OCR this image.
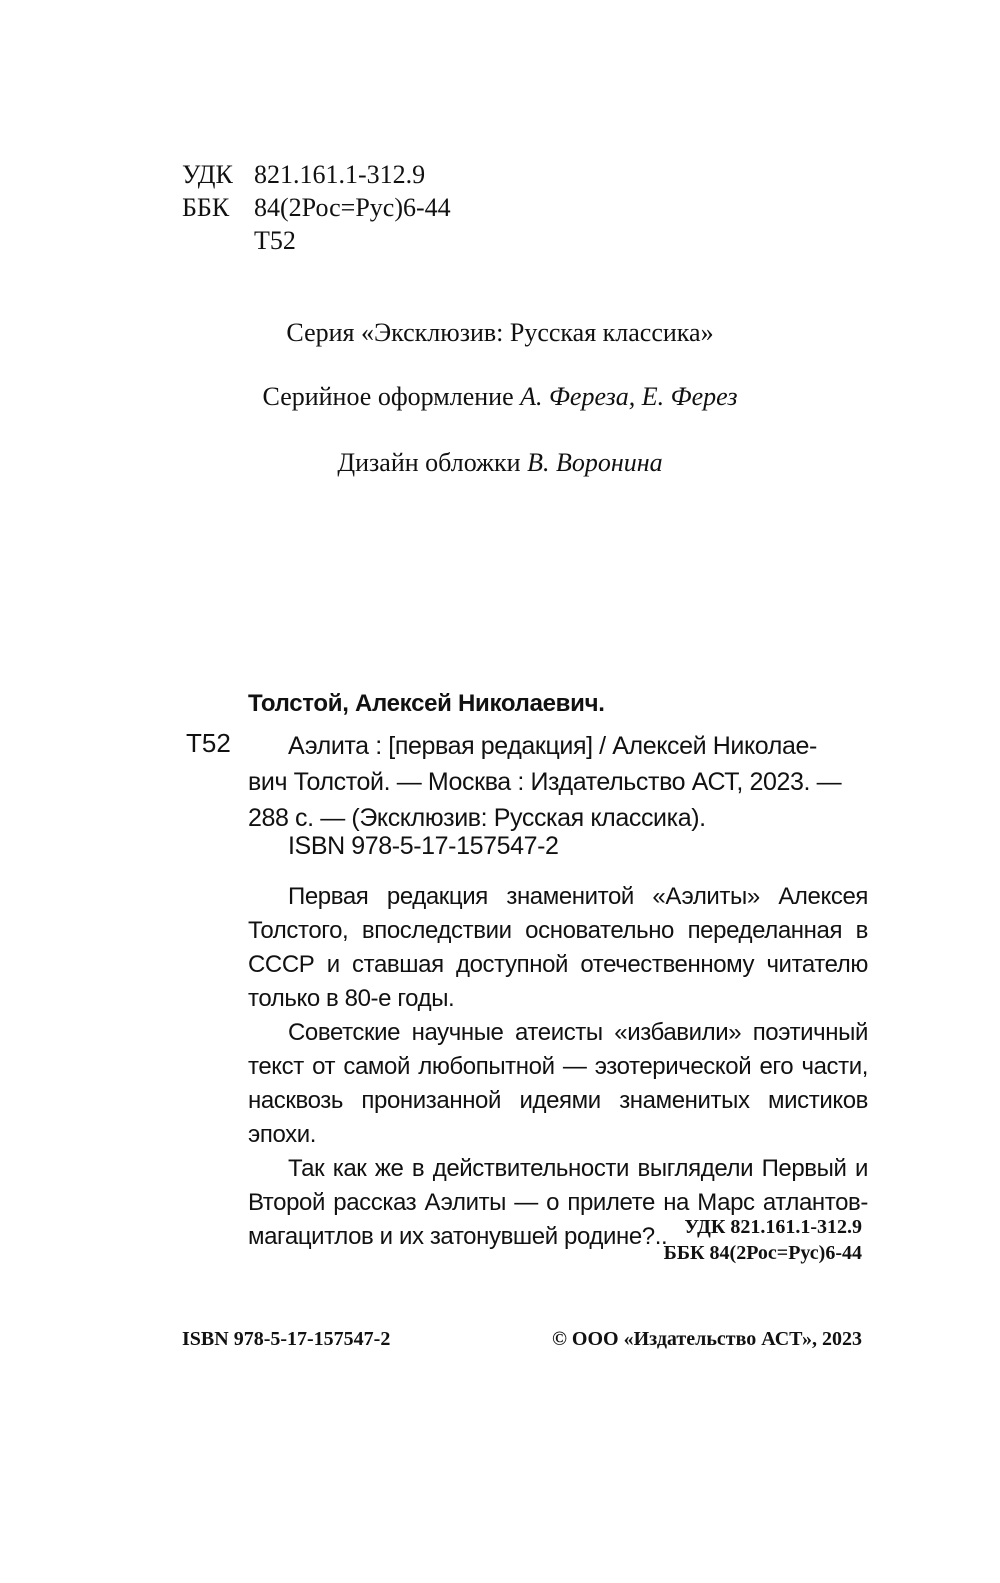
УДК 821.161.1-312.9
ББК 84(2Рос=Рус)6-44
Т52
Серия «Эксклюзив: Русская классика»
Серийное оформление А. Фереза, Е. Ферез
Дизайн обложки В. Воронина
Толстой, Алексей Николаевич.
Т52	Аэлита : [первая редакция] / Алексей Николае-
вич Толстой. — Москва : Издательство АСТ, 2023. —
288 с. — (Эксклюзив: Русская классика).
ISBN 978-5-17-157547-2

Первая редакция знаменитой «Аэлиты» Алексея Толстого, впоследствии основательно переделанная в СССР и ставшая доступной отечественному читателю только в 80-е годы.

Советские научные атеисты «избавили» поэтичный текст от самой любопытной — эзотерической его части, насквозь пронизанной идеями знаменитых мистиков эпохи.

Так как же в действительности выглядели Первый и Второй рассказ Аэлиты — о прилете на Марс атлантов-магацитлов и их затонувшей родине?.. УДК 821.161.1-312.9
ББК 84(2Рос=Рус)6-44
ISBN 978-5-17-157547-2	© ООО «Издательство АСТ», 2023
